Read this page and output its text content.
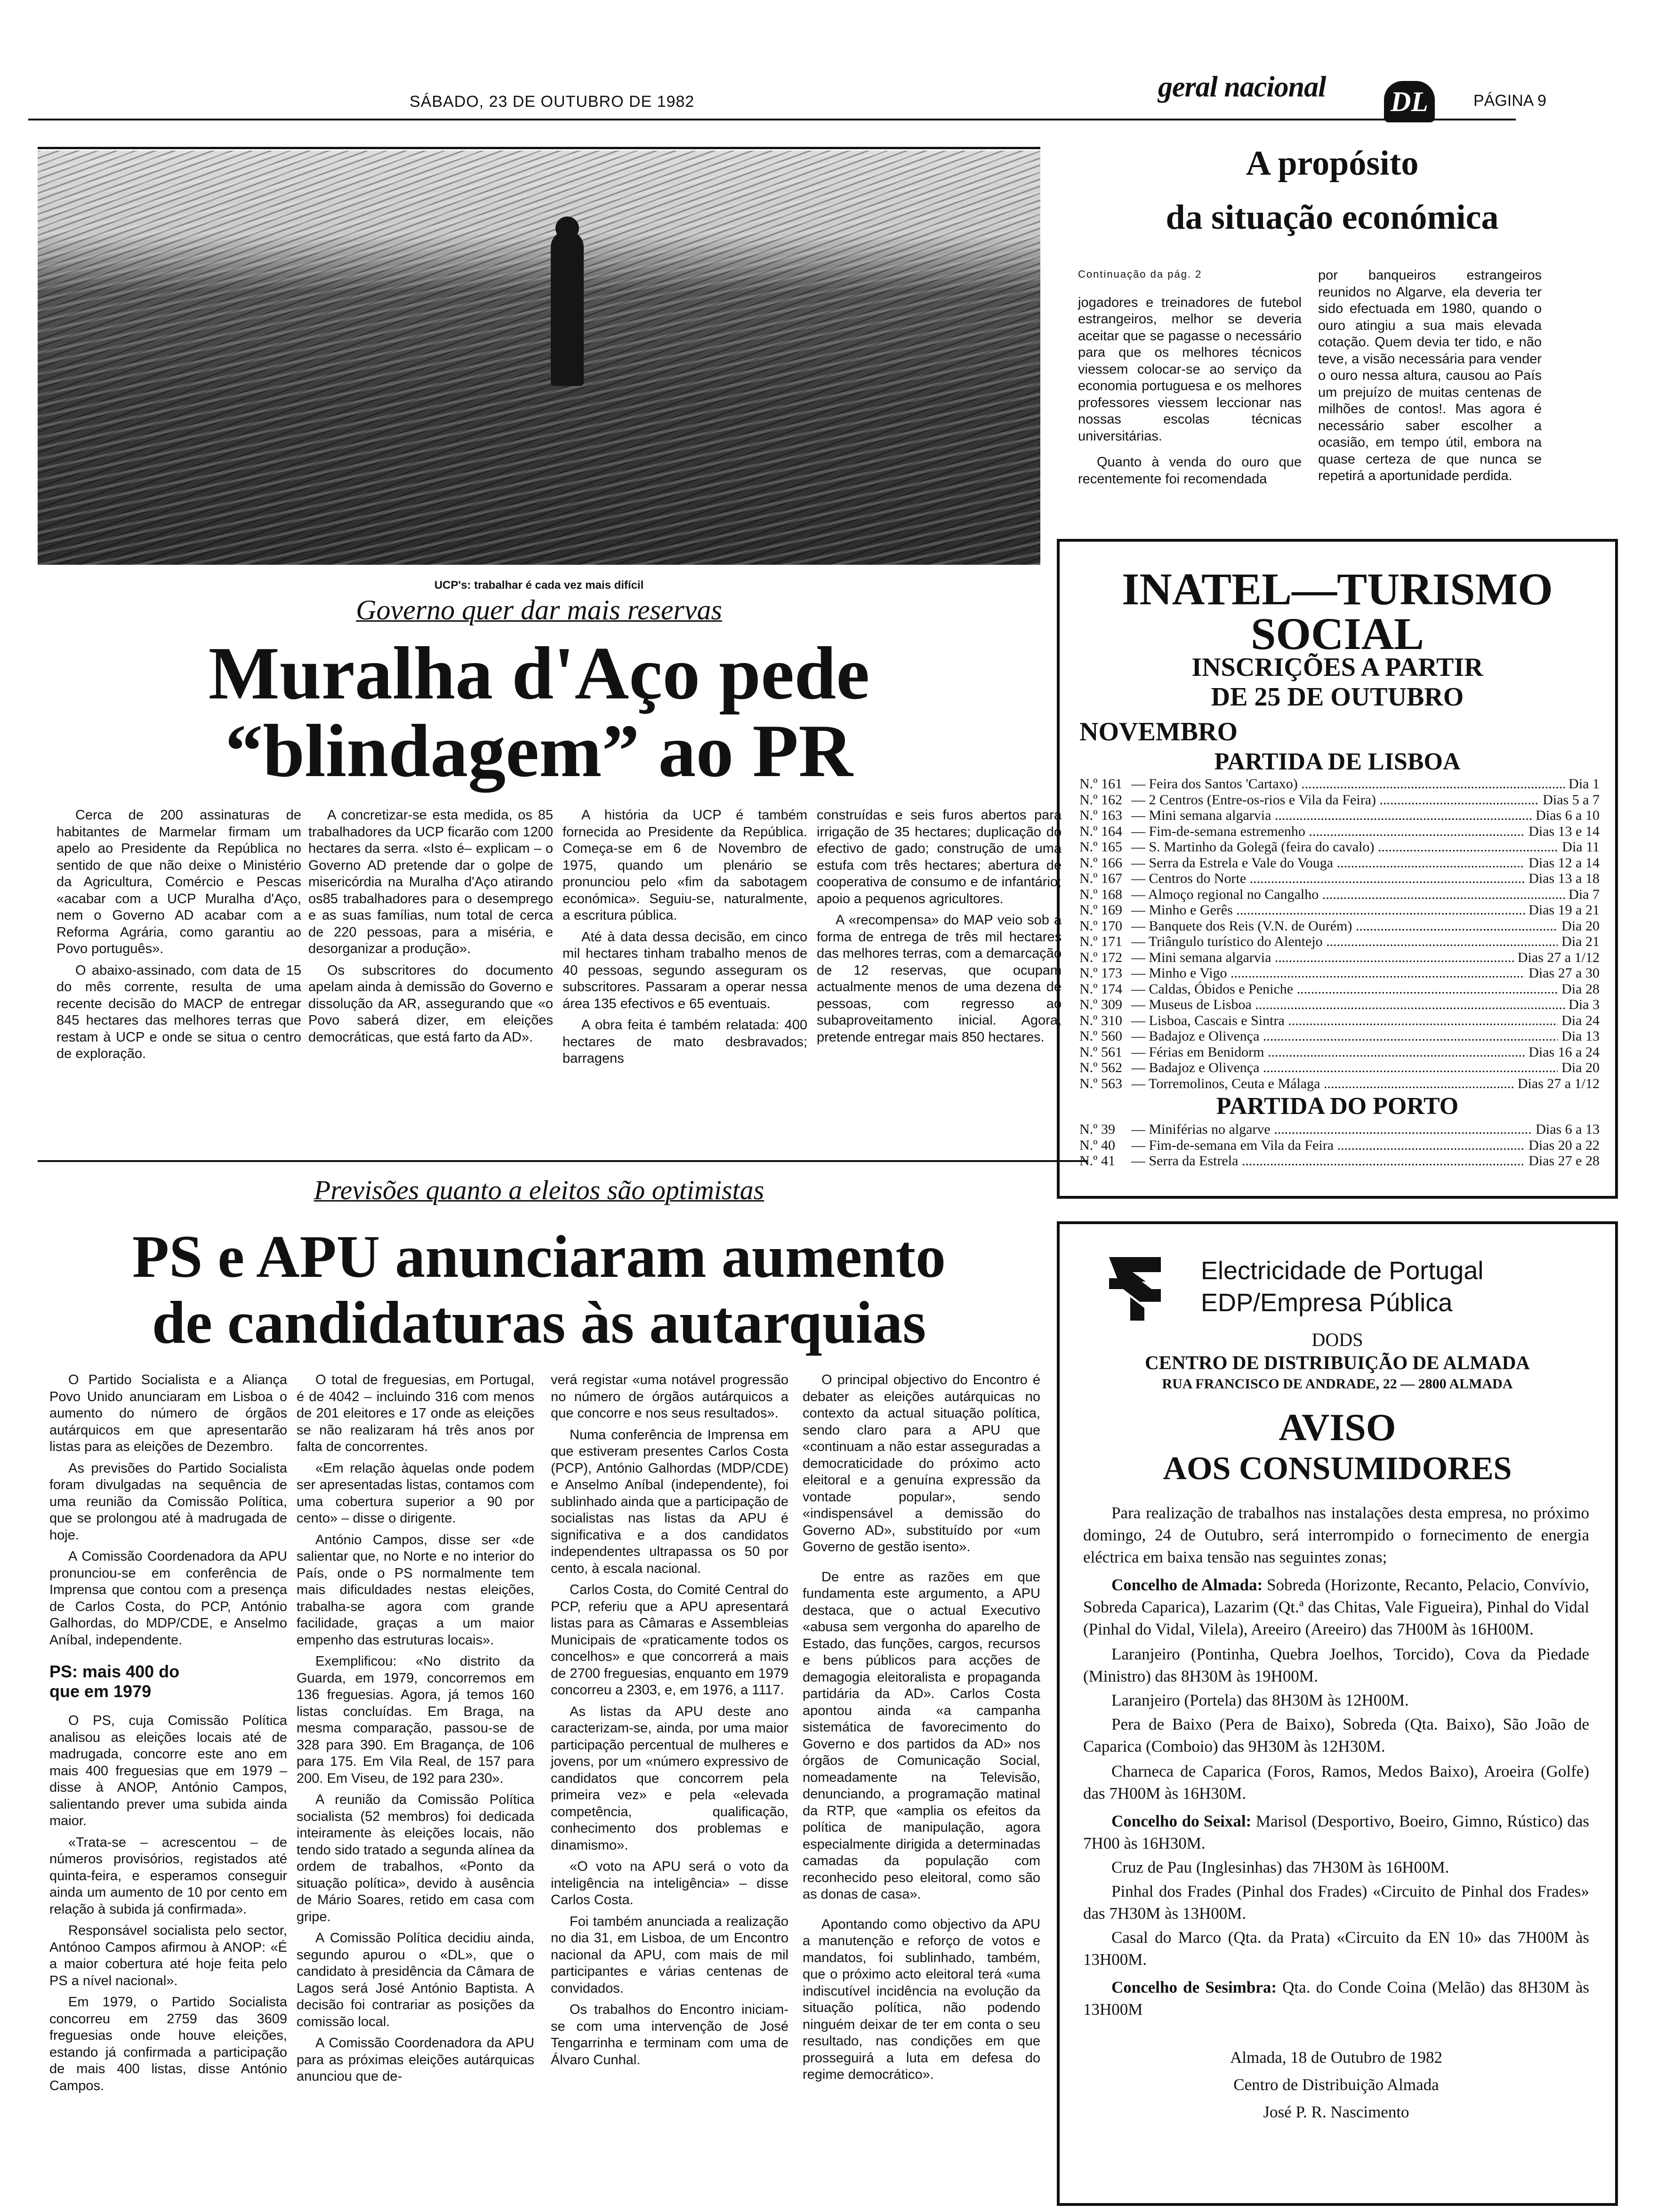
SÁBADO, 23 DE OUTUBRO DE 1982	geral nacional DL	PÁGINA 9
UCP's: trabalhar é cada vez mais difícil
Governo quer dar mais reservas
Muralha d'Aço pede
“blindagem” ao PR

Cerca de 200 assinaturas de habitantes de Marmelar firmam um apelo ao Presidente da República no sentido de que não deixe o Ministério da Agricultura, Comércio e Pescas «acabar com a UCP Muralha d'Aço, nem o Governo AD acabar com a Reforma Agrária, como garantiu ao Povo português».

O abaixo-assinado, com data de 15 do mês corrente, resulta de uma recente decisão do MACP de entregar 845 hectares das melhores terras que restam à UCP e onde se situa o centro de exploração.

A concretizar-se esta medida, os 85 trabalhadores da UCP ficarão com 1200 hectares da serra. «Isto é– explicam – o Governo AD pretende dar o golpe de misericórdia na Muralha d'Aço atirando os85 trabalhadores para o desemprego e as suas famílias, num total de cerca de 220 pessoas, para a miséria, e desorganizar a produção».

Os subscritores do documento apelam ainda à demissão do Governo e dissolução da AR, assegurando que «o Povo saberá dizer, em eleições democráticas, que está farto da AD».

A história da UCP é também fornecida ao Presidente da República. Começa-se em 6 de Novembro de 1975, quando um plenário se pronunciou pelo «fim da sabotagem económica». Seguiu-se, naturalmente, a escritura pública.

Até à data dessa decisão, em cinco mil hectares tinham trabalho menos de 40 pessoas, segundo asseguram os subscritores. Passaram a operar nessa área 135 efectivos e 65 eventuais.

A obra feita é também relatada: 400 hectares de mato desbravados; barragens

construídas e seis furos abertos para irrigação de 35 hectares; duplicação do efectivo de gado; construção de uma estufa com três hectares; abertura de cooperativa de consumo e de infantário; apoio a pequenos agricultores.

A «recompensa» do MAP veio sob a forma de entrega de três mil hectares das melhores terras, com a demarcação de 12 reservas, que ocupam actualmente menos de uma dezena de pessoas, com regresso ao subaproveitamento inicial. Agora, pretende entregar mais 850 hectares.

A propósito
da situação económica
Continuação da pág. 2

jogadores e treinadores de futebol estrangeiros, melhor se deveria aceitar que se pagasse o necessário para que os melhores técnicos viessem colocar-se ao serviço da economia portuguesa e os melhores professores viessem leccionar nas nossas escolas técnicas universitárias.

Quanto à venda do ouro que recentemente foi recomendada

por banqueiros estrangeiros reunidos no Algarve, ela deveria ter sido efectuada em 1980, quando o ouro atingiu a sua mais elevada cotação. Quem devia ter tido, e não teve, a visão necessária para vender o ouro nessa altura, causou ao País um prejuízo de muitas centenas de milhões de contos!. Mas agora é necessário saber escolher a ocasião, em tempo útil, embora na quase certeza de que nunca se repetirá a aportunidade perdida.

INATEL—TURISMO
SOCIAL
INSCRIÇÕES A PARTIR
DE 25 DE OUTUBRO
NOVEMBRO
PARTIDA DE LISBOA
N.º 161 — Feira dos Santos 'Cartaxo) .....	Dia 1
N.º 162 — 2 Centros (Entre-os-rios e Vila da Feira) .....	Dias 5 a 7
N.º 163 — Mini semana algarvia .....	Dias 6 a 10
N.º 164 — Fim-de-semana estremenho .....	Dias 13 e 14
N.º 165 — S. Martinho da Golegã (feira do cavalo) .....	Dia 11
N.º 166 — Serra da Estrela e Vale do Vouga .....	Dias 12 a 14
N.º 167 — Centros do Norte .....	Dias 13 a 18
N.º 168 — Almoço regional no Cangalho .....	Dia 7
N.º 169 — Minho e Gerês .....	Dias 19 a 21
N.º 170 — Banquete dos Reis (V.N. de Ourém) .....	Dia 20
N.º 171 — Triângulo turístico do Alentejo .....	Dia 21
N.º 172 — Mini semana algarvia .....	Dias 27 a 1/12
N.º 173 — Minho e Vigo .....	Dias 27 a 30
N.º 174 — Caldas, Óbidos e Peniche .....	Dia 28
N.º 309 — Museus de Lisboa .....	Dia 3
N.º 310 — Lisboa, Cascais e Sintra .....	Dia 24
N.º 560 — Badajoz e Olivença .....	Dia 13
N.º 561 — Férias em Benidorm .....	Dias 16 a 24
N.º 562 — Badajoz e Olivença .....	Dia 20
N.º 563 — Torremolinos, Ceuta e Málaga .....	Dias 27 a 1/12
PARTIDA DO PORTO
N.º 39	— Miniférias no algarve .....	Dias 6 a 13
N.º 40	— Fim-de-semana em Vila da Feira .....	Dias 20 a 22
N.º 41	— Serra da Estrela .....	Dias 27 e 28
Previsões quanto a eleitos são optimistas
PS e APU anunciaram aumento
de candidaturas às autarquias

O Partido Socialista e a Aliança Povo Unido anunciaram em Lisboa o aumento do número de órgãos autárquicos em que apresentarão listas para as eleições de Dezembro.

As previsões do Partido Socialista foram divulgadas na sequência de uma reunião da Comissão Política, que se prolongou até à madrugada de hoje.

A Comissão Coordenadora da APU pronunciou-se em conferência de Imprensa que contou com a presença de Carlos Costa, do PCP, António Galhordas, do MDP/CDE, e Anselmo Aníbal, independente.

PS: mais 400 do que em 1979

O PS, cuja Comissão Política analisou as eleições locais até de madrugada, concorre este ano em mais 400 freguesias que em 1979 – disse à ANOP, António Campos, salientando prever uma subida ainda maior.

«Trata-se – acrescentou – de números provisórios, registados até quinta-feira, e esperamos conseguir ainda um aumento de 10 por cento em relação à subida já confirmada».

Responsável socialista pelo sector, Antónoo Campos afirmou à ANOP: «É a maior cobertura até hoje feita pelo PS a nível nacional».

Em 1979, o Partido Socialista concorreu em 2759 das 3609 freguesias onde houve eleições, estando já confirmada a participação de mais 400 listas, disse António Campos.

O total de freguesias, em Portugal, é de 4042 – incluindo 316 com menos de 201 eleitores e 17 onde as eleições se não realizaram há três anos por falta de concorrentes.

«Em relação àquelas onde podem ser apresentadas listas, contamos com uma cobertura superior a 90 por cento» – disse o dirigente.

António Campos, disse ser «de salientar que, no Norte e no interior do País, onde o PS normalmente tem mais dificuldades nestas eleições, trabalha-se agora com grande facilidade, graças a um maior empenho das estruturas locais».

Exemplificou: «No distrito da Guarda, em 1979, concorremos em 136 freguesias. Agora, já temos 160 listas concluídas. Em Braga, na mesma comparação, passou-se de 328 para 390. Em Bragança, de 106 para 175. Em Vila Real, de 157 para 200. Em Viseu, de 192 para 230».

A reunião da Comissão Política socialista (52 membros) foi dedicada inteiramente às eleições locais, não tendo sido tratado a segunda alínea da ordem de trabalhos, «Ponto da situação política», devido à ausência de Mário Soares, retido em casa com gripe.

A Comissão Política decidiu ainda, segundo apurou o «DL», que o candidato à presidência da Câmara de Lagos será José António Baptista. A decisão foi contrariar as posições da comissão local.

A Comissão Coordenadora da APU para as próximas eleições autárquicas anunciou que de-

verá registar «uma notável progressão no número de órgãos autárquicos a que concorre e nos seus resultados».

Numa conferência de Imprensa em que estiveram presentes Carlos Costa (PCP), António Galhordas (MDP/CDE) e Anselmo Aníbal (independente), foi sublinhado ainda que a participação de socialistas nas listas da APU é significativa e a dos candidatos independentes ultrapassa os 50 por cento, à escala nacional.

Carlos Costa, do Comité Central do PCP, referiu que a APU apresentará listas para as Câmaras e Assembleias Municipais de «praticamente todos os concelhos» e que concorrerá a mais de 2700 freguesias, enquanto em 1979 concorreu a 2303, e, em 1976, a 1117.

As listas da APU deste ano caracterizam-se, ainda, por uma maior participação percentual de mulheres e jovens, por um «número expressivo de candidatos que concorrem pela primeira vez» e pela «elevada competência, qualificação, conhecimento dos problemas e dinamismo».

«O voto na APU será o voto da inteligência na inteligência» – disse Carlos Costa.

Foi também anunciada a realização no dia 31, em Lisboa, de um Encontro nacional da APU, com mais de mil participantes e várias centenas de convidados.

Os trabalhos do Encontro iniciam-se com uma intervenção de José Tengarrinha e terminam com uma de Álvaro Cunhal.

O principal objectivo do Encontro é debater as eleições autárquicas no contexto da actual situação política, sendo claro para a APU que «continuam a não estar asseguradas a democraticidade do próximo acto eleitoral e a genuína expressão da vontade popular», sendo «indispensável a demissão do Governo AD», substituído por «um Governo de gestão isento».

De entre as razões em que fundamenta este argumento, a APU destaca, que o actual Executivo «abusa sem vergonha do aparelho de Estado, das funções, cargos, recursos e bens públicos para acções de demagogia eleitoralista e propaganda partidária da AD». Carlos Costa apontou ainda «a campanha sistemática de favorecimento do Governo e dos partidos da AD» nos órgãos de Comunicação Social, nomeadamente na Televisão, denunciando, a programação matinal da RTP, que «amplia os efeitos da política de manipulação, agora especialmente dirigida a determinadas camadas da população com reconhecido peso eleitoral, como são as donas de casa».

Apontando como objectivo da APU a manutenção e reforço de votos e mandatos, foi sublinhado, também, que o próximo acto eleitoral terá «uma indiscutível incidência na evolução da situação política, não podendo ninguém deixar de ter em conta o seu resultado, nas condições em que prosseguirá a luta em defesa do regime democrático».

Electricidade de Portugal
EDP/Empresa Pública
DODS
CENTRO DE DISTRIBUIÇÃO DE ALMADA
RUA FRANCISCO DE ANDRADE, 22 — 2800 ALMADA
AVISO
AOS CONSUMIDORES

Para realização de trabalhos nas instalações desta empresa, no próximo domingo, 24 de Outubro, será interrompido o fornecimento de energia eléctrica em baixa tensão nas seguintes zonas;

Concelho de Almada: Sobreda (Horizonte, Recanto, Pelacio, Convívio, Sobreda Caparica), Lazarim (Qt.ª das Chitas, Vale Figueira), Pinhal do Vidal (Pinhal do Vidal, Vilela), Areeiro (Areeiro) das 7H00M às 16H00M.

Laranjeiro (Pontinha, Quebra Joelhos, Torcido), Cova da Piedade (Ministro) das 8H30M às 19H00M.

Laranjeiro (Portela) das 8H30M às 12H00M.

Pera de Baixo (Pera de Baixo), Sobreda (Qta. Baixo), São João de Caparica (Comboio) das 9H30M às 12H30M.

Charneca de Caparica (Foros, Ramos, Medos Baixo), Aroeira (Golfe) das 7H00M às 16H30M.

Concelho do Seixal: Marisol (Desportivo, Boeiro, Gimno, Rústico) das 7H00 às 16H30M.

Cruz de Pau (Inglesinhas) das 7H30M às 16H00M.

Pinhal dos Frades (Pinhal dos Frades) «Circuito de Pinhal dos Frades» das 7H30M às 13H00M.

Casal do Marco (Qta. da Prata) «Circuito da EN 10» das 7H00M às 13H00M.

Concelho de Sesimbra: Qta. do Conde Coina (Melão) das 8H30M às 13H00M

Almada, 18 de Outubro de 1982
Centro de Distribuição Almada
José P. R. Nascimento
